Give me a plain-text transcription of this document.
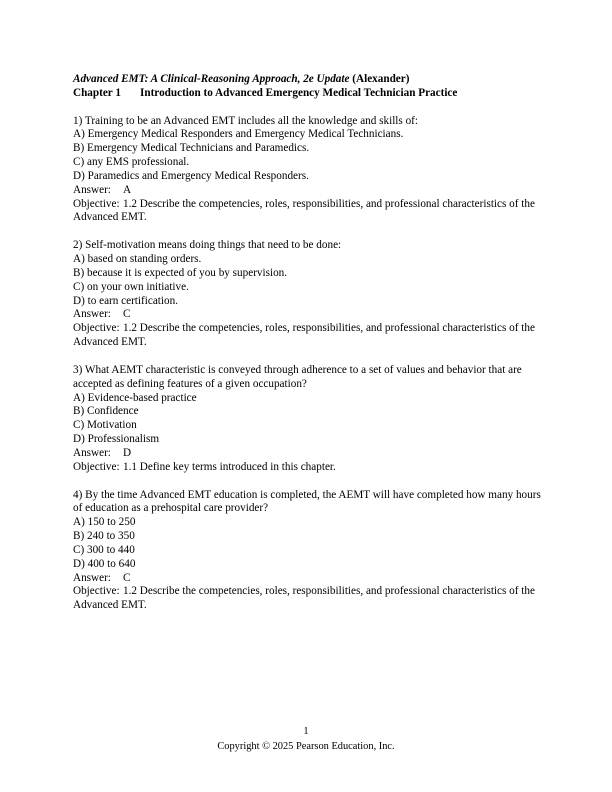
Advanced EMT: A Clinical-Reasoning Approach, 2e Update (Alexander)
Chapter 1 Introduction to Advanced Emergency Medical Technician Practice
1) Training to be an Advanced EMT includes all the knowledge and skills of:
A) Emergency Medical Responders and Emergency Medical Technicians.
B) Emergency Medical Technicians and Paramedics.
C) any EMS professional.
D) Paramedics and Emergency Medical Responders.
Answer: A
Objective: 1.2 Describe the competencies, roles, responsibilities, and professional characteristics of the Advanced EMT.
2) Self-motivation means doing things that need to be done:
A) based on standing orders.
B) because it is expected of you by supervision.
C) on your own initiative.
D) to earn certification.
Answer: C
Objective: 1.2 Describe the competencies, roles, responsibilities, and professional characteristics of the Advanced EMT.
3) What AEMT characteristic is conveyed through adherence to a set of values and behavior that are accepted as defining features of a given occupation?
A) Evidence-based practice
B) Confidence
C) Motivation
D) Professionalism
Answer: D
Objective: 1.1 Define key terms introduced in this chapter.
4) By the time Advanced EMT education is completed, the AEMT will have completed how many hours of education as a prehospital care provider?
A) 150 to 250
B) 240 to 350
C) 300 to 440
D) 400 to 640
Answer: C
Objective: 1.2 Describe the competencies, roles, responsibilities, and professional characteristics of the Advanced EMT.
1
Copyright © 2025 Pearson Education, Inc.
